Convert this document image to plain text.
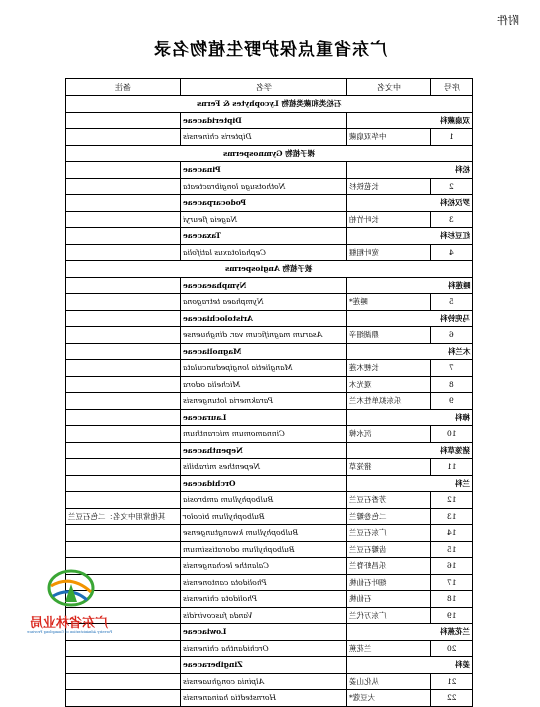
附件
广东省重点保护野生植物名录
备注	学名	中文名	序号
石松类和蕨类植物 Lycophytes & Ferns			
	Dipteridaceae	双扇蕨科	
	Dipteris chinensis	中华双扇蕨	1
裸子植物 Gymnosperms			
	Pinaceae	松科	
	Nothotsuga longibracteata	长苞铁杉	2
	Podocarpaceae	罗汉松科	
	Nageia fleuryi	长叶竹柏	3
	Taxaceae	红豆杉科	
	Cephalotaxus latifolia	宽叶粗榧	4
被子植物 Angiosperms			
	Nymphaeaceae	睡莲科	
	Nymphaea tetragona	睡莲*	5
	Aristolochiaceae	马兜铃科	
	Asarum magnificum var. dinghuense	鼎湖细辛	6
	Magnoliaceae	木兰科	
	Manglietia longipedunculata	长梗木莲	7
	Michelia odora	观光木	8
	Parakmeria lotungensis	乐东拟单性木兰	9
	Lauraceae	樟科	
	Cinnamomum micranthum	沉水樟	10
	Nepenthaceae	猪笼草科	
	Nepenthes mirabilis	猪笼草	11
	Orchidaceae	兰科	
	Bulbophyllum ambrosia	芳香石豆兰	12
其他常用中文名：二色石豆兰	Bulbophyllum bicolor	二色卷瓣兰	13
	Bulbophyllum kwangtungense	广东石豆兰	14
	Bulbophyllum odoratissimum	齿瓣石豆兰	15
	Calanthe lechangensis	乐昌虾脊兰	16
	Pholidota cantonensis	细叶石仙桃	17
	Pholidota chinensis	石仙桃	18
	Vanda fuscoviridis	广东万代兰	19
	Lowiaceae	兰花蕉科	
	Orchidantha chinensis	兰花蕉	20
	Zingiberaceae	姜科	
	Alpinia conghuaensis	从化山姜	21
	Hornstedtia hainanensis	大豆蔻*	22
广东省林业局
Forestry Administration of Guangdong Province
